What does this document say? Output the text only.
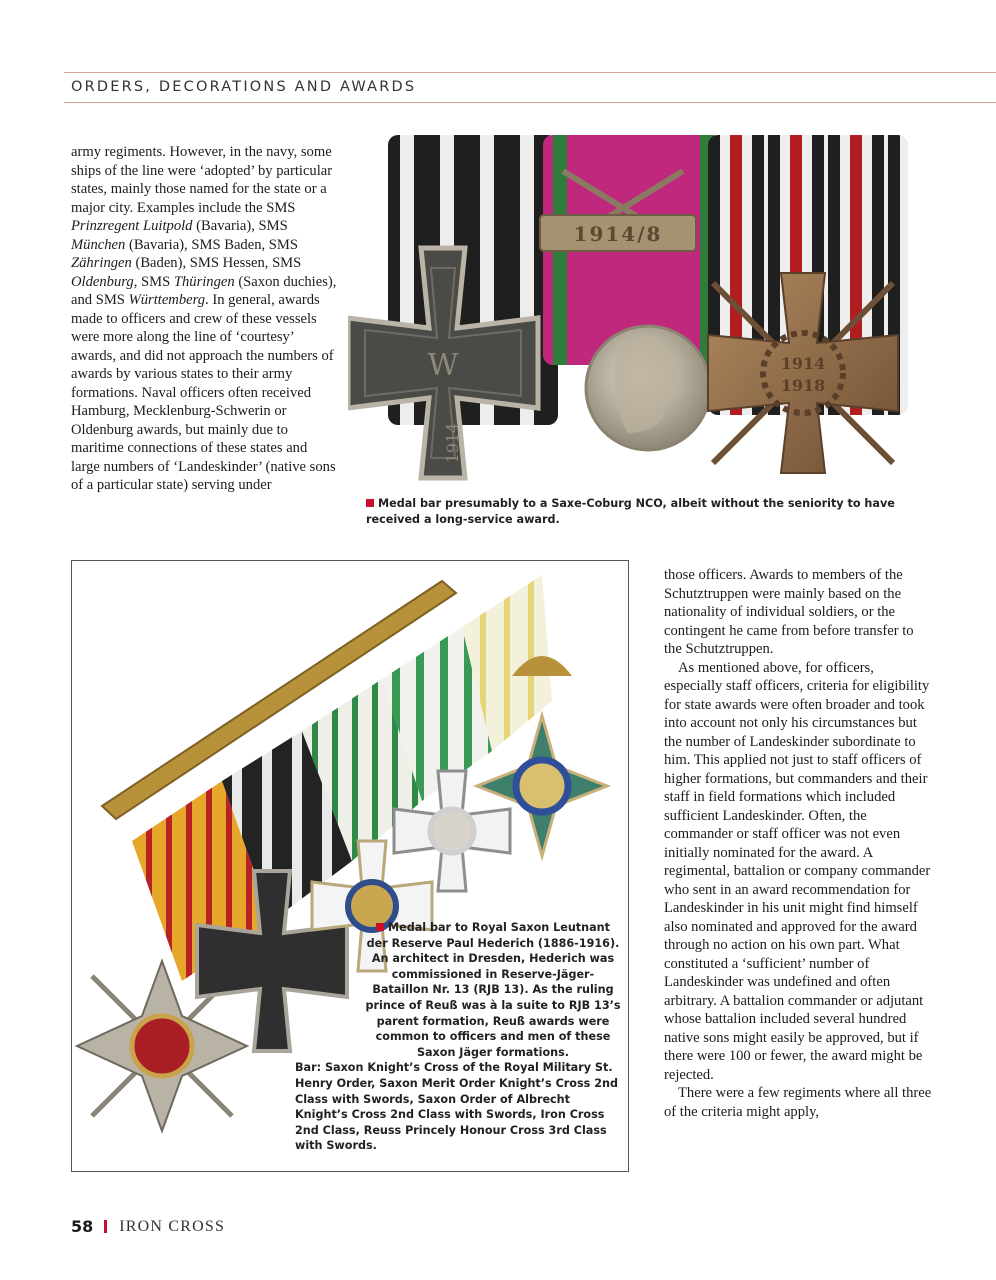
ORDERS, DECORATIONS AND AWARDS

army regiments. However, in the navy, some ships of the line were ‘adopted’ by particular states, mainly those named for the state or a major city. Examples include the SMS Prinzregent Luitpold (Bavaria), SMS München (Bavaria), SMS Baden, SMS Zähringen (Baden), SMS Hessen, SMS Oldenburg, SMS Thüringen (Saxon duchies), and SMS Württemberg. In general, awards made to officers and crew of these vessels were more along the line of ‘courtesy’ awards, and did not approach the numbers of awards by various states to their army formations. Naval officers often received Hamburg, Mecklenburg-Schwerin or Oldenburg awards, but mainly due to maritime connections of these states and large numbers of ‘Landeskinder’ (native sons of a particular state) serving under

1914/8
W
1914
1914
1918
Medal bar presumably to a Saxe-Coburg NCO, albeit without the seniority to have received a long-service award.
Medal bar to Royal Saxon Leutnant der Reserve Paul Hederich (1886-1916). An architect in Dresden, Hederich was commissioned in Reserve-Jäger-Bataillon Nr. 13 (RJB 13). As the ruling prince of Reuß was à la suite to RJB 13’s parent formation, Reuß awards were common to officers and men of these Saxon Jäger formations.
Bar: Saxon Knight’s Cross of the Royal Military St. Henry Order, Saxon Merit Order Knight’s Cross 2nd Class with Swords, Saxon Order of Albrecht Knight’s Cross 2nd Class with Swords, Iron Cross 2nd Class, Reuss Princely Honour Cross 3rd Class with Swords.

those officers. Awards to members of the Schutztruppen were mainly based on the nationality of individual soldiers, or the contingent he came from before transfer to the Schutztruppen.

As mentioned above, for officers, especially staff officers, criteria for eligibility for state awards were often broader and took into account not only his circumstances but the number of Landeskinder subordinate to him. This applied not just to staff officers of higher formations, but commanders and their staff in field formations which included sufficient Landeskinder. Often, the commander or staff officer was not even initially nominated for the award. A regimental, battalion or company commander who sent in an award recommendation for Landeskinder in his unit might find himself also nominated and approved for the award through no action on his own part. What constituted a ‘sufficient’ number of Landeskinder was undefined and often arbitrary. A battalion commander or adjutant whose battalion included several hundred native sons might easily be approved, but if there were 100 or fewer, the award might be rejected.

There were a few regiments where all three of the criteria might apply,

58 IRON CROSS
